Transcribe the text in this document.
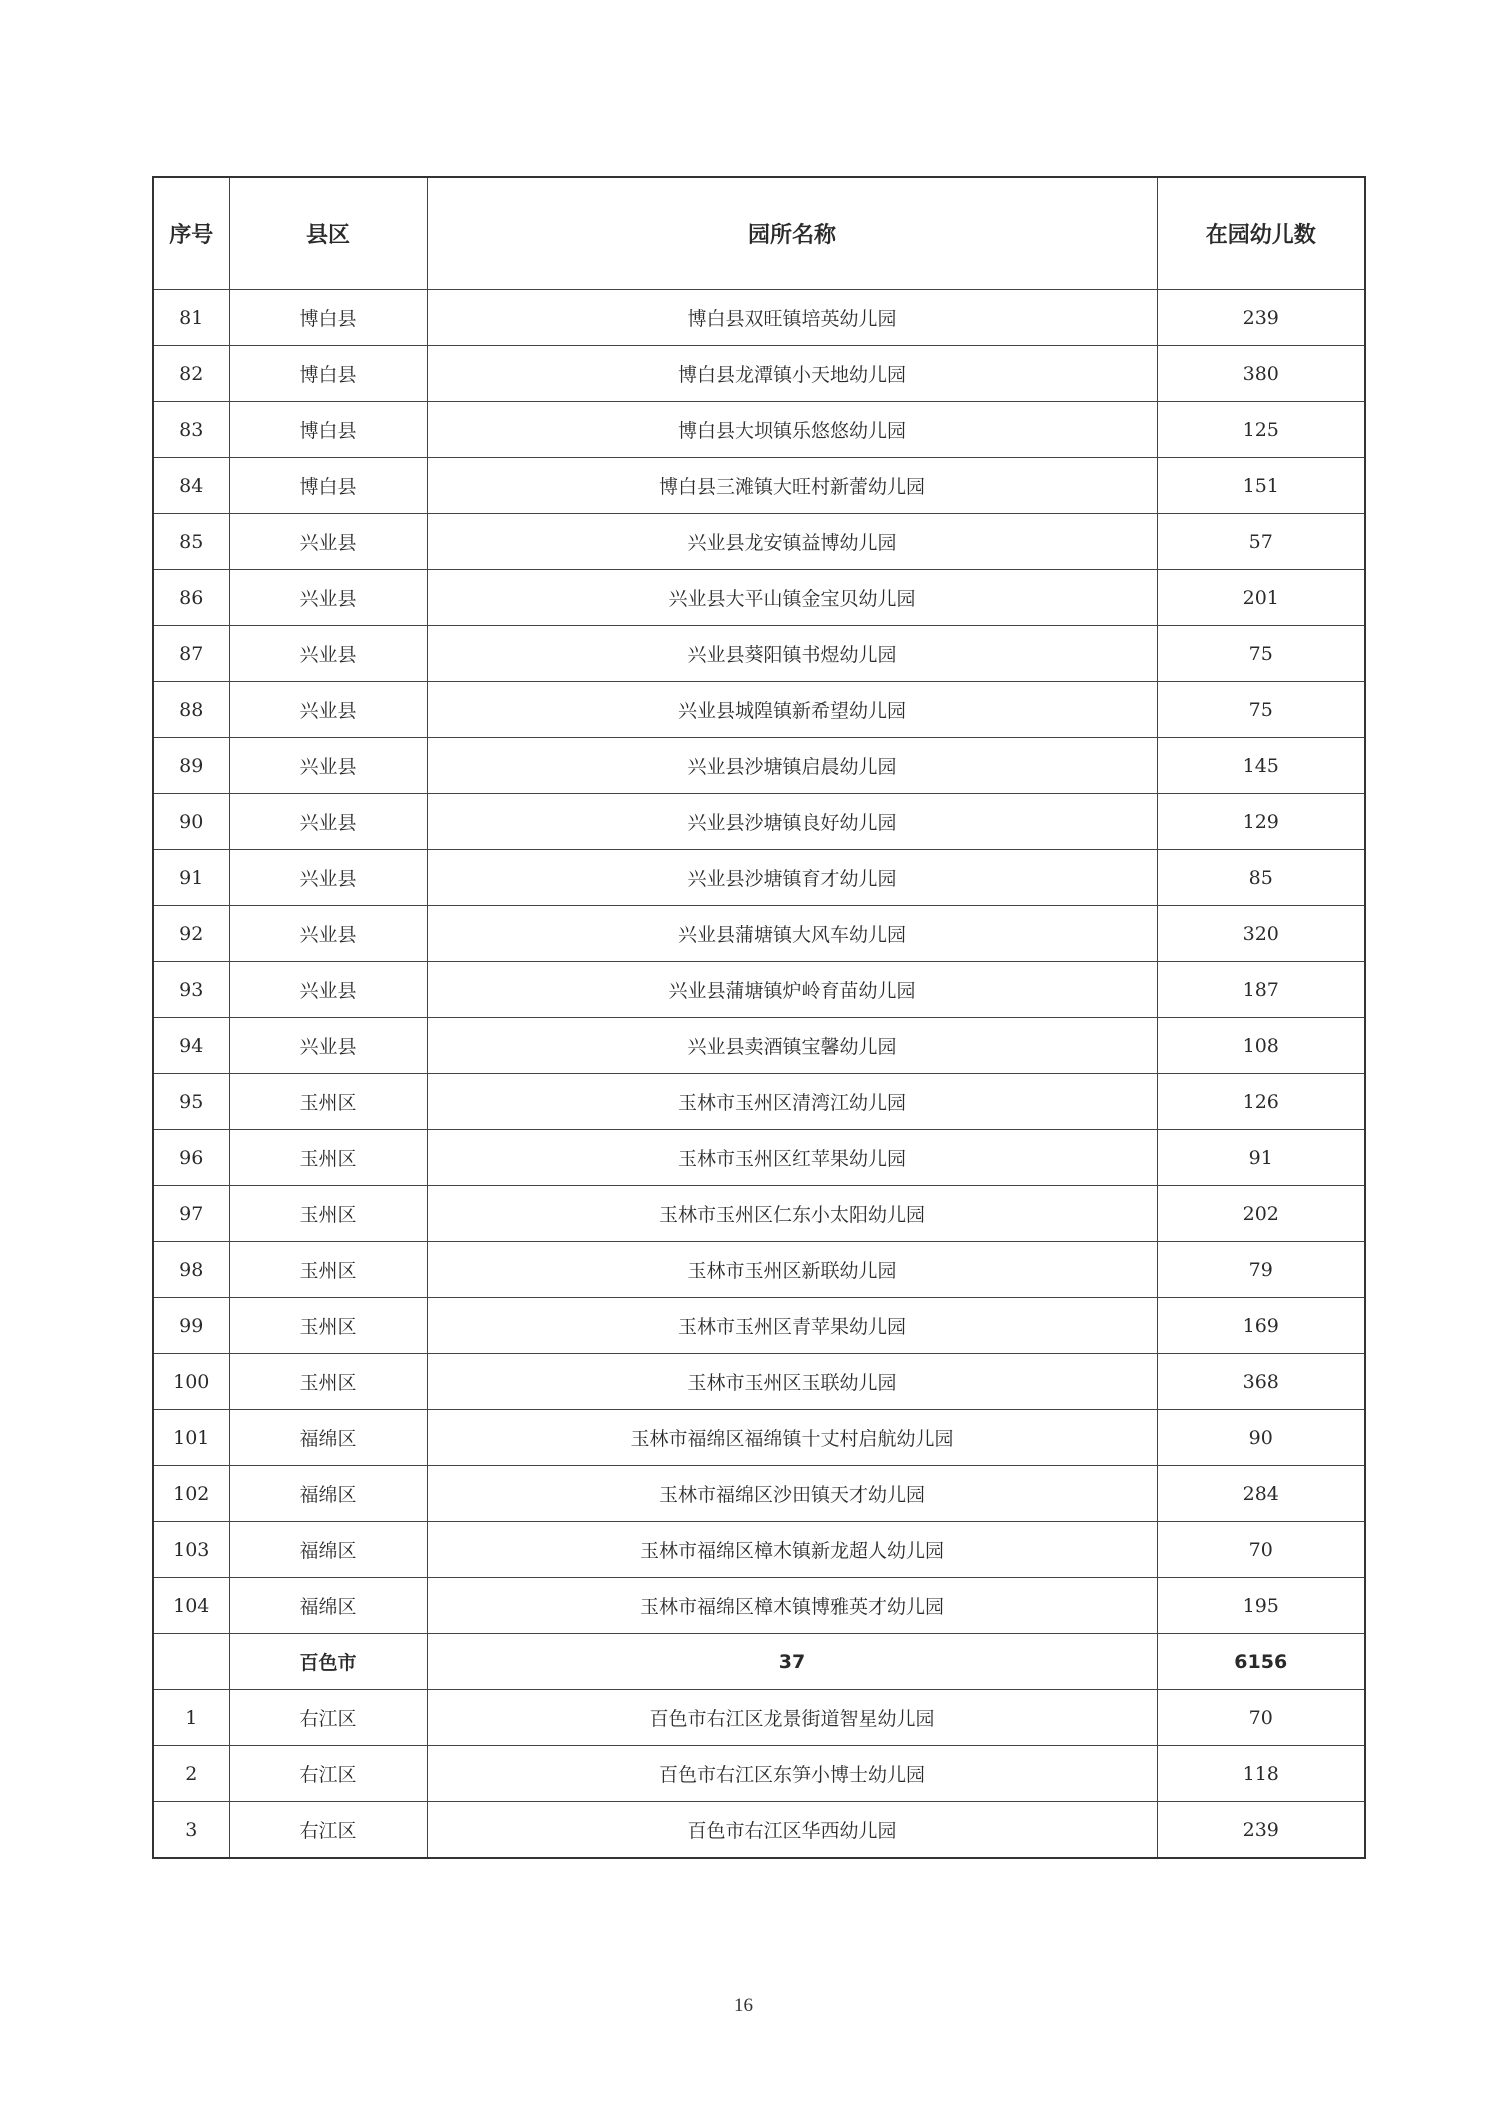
序号	县区	园所名称	在园幼儿数
81	博白县	博白县双旺镇培英幼儿园	239
82	博白县	博白县龙潭镇小天地幼儿园	380
83	博白县	博白县大坝镇乐悠悠幼儿园	125
84	博白县	博白县三滩镇大旺村新蕾幼儿园	151
85	兴业县	兴业县龙安镇益博幼儿园	57
86	兴业县	兴业县大平山镇金宝贝幼儿园	201
87	兴业县	兴业县葵阳镇书煜幼儿园	75
88	兴业县	兴业县城隍镇新希望幼儿园	75
89	兴业县	兴业县沙塘镇启晨幼儿园	145
90	兴业县	兴业县沙塘镇良好幼儿园	129
91	兴业县	兴业县沙塘镇育才幼儿园	85
92	兴业县	兴业县蒲塘镇大风车幼儿园	320
93	兴业县	兴业县蒲塘镇炉岭育苗幼儿园	187
94	兴业县	兴业县卖酒镇宝馨幼儿园	108
95	玉州区	玉林市玉州区清湾江幼儿园	126
96	玉州区	玉林市玉州区红苹果幼儿园	91
97	玉州区	玉林市玉州区仁东小太阳幼儿园	202
98	玉州区	玉林市玉州区新联幼儿园	79
99	玉州区	玉林市玉州区青苹果幼儿园	169
100	玉州区	玉林市玉州区玉联幼儿园	368
101	福绵区	玉林市福绵区福绵镇十丈村启航幼儿园	90
102	福绵区	玉林市福绵区沙田镇天才幼儿园	284
103	福绵区	玉林市福绵区樟木镇新龙超人幼儿园	70
104	福绵区	玉林市福绵区樟木镇博雅英才幼儿园	195
	百色市	37	6156
1	右江区	百色市右江区龙景街道智星幼儿园	70
2	右江区	百色市右江区东笋小博士幼儿园	118
3	右江区	百色市右江区华西幼儿园	239
16
